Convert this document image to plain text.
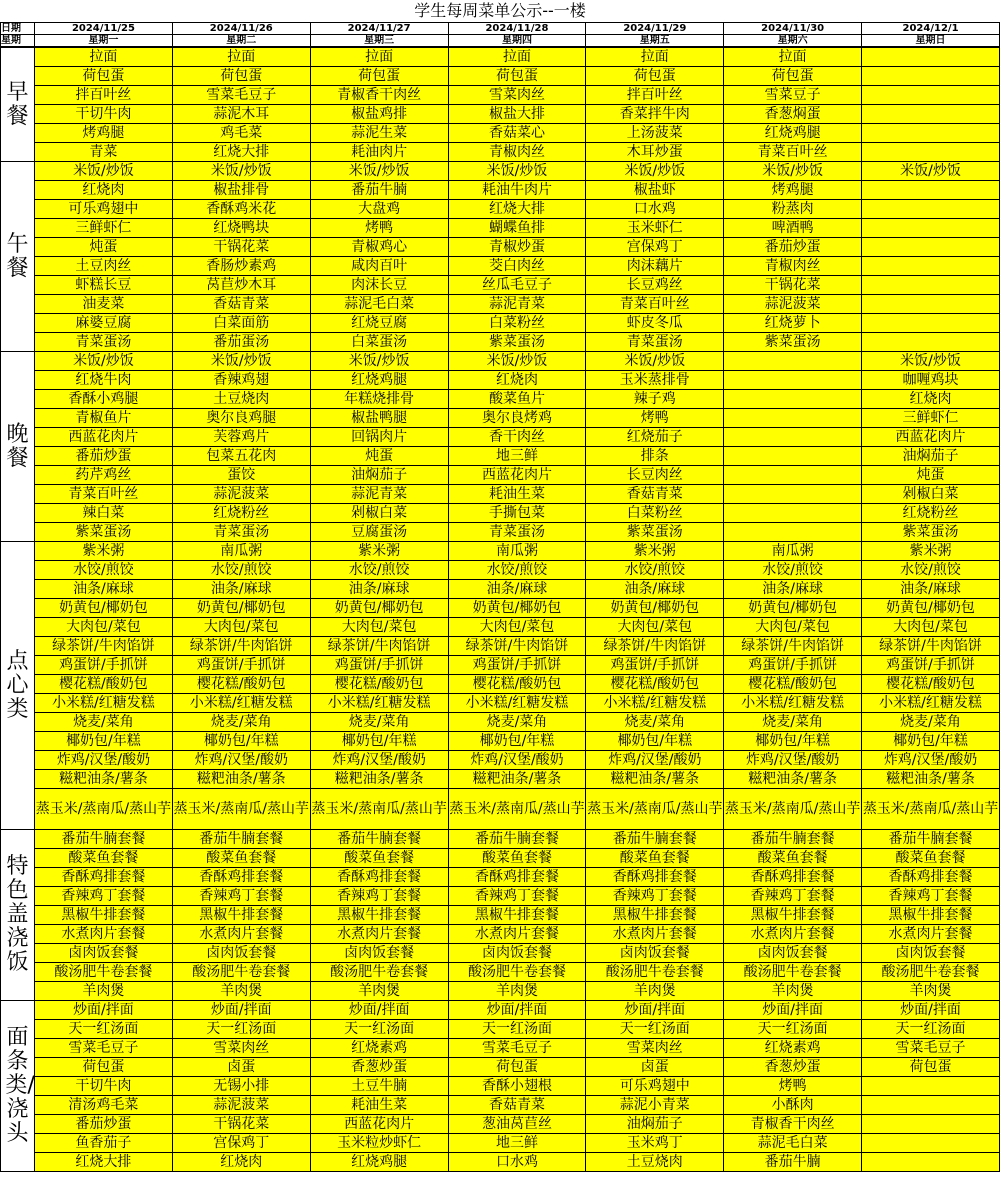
学生每周菜单公示--一楼
日期	2024/11/25	2024/11/26	2024/11/27	2024/11/28	2024/11/29	2024/11/30	2024/12/1
星期	星期一	星期二	星期三	星期四	星期五	星期六	星期日
早餐	拉面	拉面	拉面	拉面	拉面	拉面	
	荷包蛋	荷包蛋	荷包蛋	荷包蛋	荷包蛋	荷包蛋	
	拌百叶丝	雪菜毛豆子	青椒香干肉丝	雪菜肉丝	拌百叶丝	雪菜豆子	
	干切牛肉	蒜泥木耳	椒盐鸡排	椒盐大排	香菜拌牛肉	香葱焖蛋	
	烤鸡腿	鸡毛菜	蒜泥生菜	香菇菜心	上汤菠菜	红烧鸡腿	
	青菜	红烧大排	耗油肉片	青椒肉丝	木耳炒蛋	青菜百叶丝	
午餐	米饭/炒饭	米饭/炒饭	米饭/炒饭	米饭/炒饭	米饭/炒饭	米饭/炒饭	米饭/炒饭
	红烧肉	椒盐排骨	番茄牛腩	耗油牛肉片	椒盐虾	烤鸡腿	
	可乐鸡翅中	香酥鸡米花	大盘鸡	红烧大排	口水鸡	粉蒸肉	
	三鲜虾仁	红烧鸭块	烤鸭	蝴蝶鱼排	玉米虾仁	啤酒鸭	
	炖蛋	干锅花菜	青椒鸡心	青椒炒蛋	宫保鸡丁	番茄炒蛋	
	土豆肉丝	香肠炒素鸡	咸肉百叶	茭白肉丝	肉沫藕片	青椒肉丝	
	虾糕长豆	莴苣炒木耳	肉沫长豆	丝瓜毛豆子	长豆鸡丝	干锅花菜	
	油麦菜	香菇青菜	蒜泥毛白菜	蒜泥青菜	青菜百叶丝	蒜泥菠菜	
	麻婆豆腐	白菜面筋	红烧豆腐	白菜粉丝	虾皮冬瓜	红烧萝卜	
	青菜蛋汤	番茄蛋汤	白菜蛋汤	紫菜蛋汤	青菜蛋汤	紫菜蛋汤	
晚餐	米饭/炒饭	米饭/炒饭	米饭/炒饭	米饭/炒饭	米饭/炒饭		米饭/炒饭
	红烧牛肉	香辣鸡翅	红烧鸡腿	红烧肉	玉米蒸排骨		咖喱鸡块
	香酥小鸡腿	土豆烧肉	年糕烧排骨	酸菜鱼片	辣子鸡		红烧肉
	青椒鱼片	奥尔良鸡腿	椒盐鸭腿	奥尔良烤鸡	烤鸭		三鲜虾仁
	西蓝花肉片	芙蓉鸡片	回锅肉片	香干肉丝	红烧茄子		西蓝花肉片
	番茄炒蛋	包菜五花肉	炖蛋	地三鲜	排条		油焖茄子
	药芹鸡丝	蛋饺	油焖茄子	西蓝花肉片	长豆肉丝		炖蛋
	青菜百叶丝	蒜泥菠菜	蒜泥青菜	耗油生菜	香菇青菜		剁椒白菜
	辣白菜	红烧粉丝	剁椒白菜	手撕包菜	白菜粉丝		红烧粉丝
	紫菜蛋汤	青菜蛋汤	豆腐蛋汤	青菜蛋汤	紫菜蛋汤		紫菜蛋汤
点心类	紫米粥	南瓜粥	紫米粥	南瓜粥	紫米粥	南瓜粥	紫米粥
	水饺/煎饺	水饺/煎饺	水饺/煎饺	水饺/煎饺	水饺/煎饺	水饺/煎饺	水饺/煎饺
	油条/麻球	油条/麻球	油条/麻球	油条/麻球	油条/麻球	油条/麻球	油条/麻球
	奶黄包/椰奶包	奶黄包/椰奶包	奶黄包/椰奶包	奶黄包/椰奶包	奶黄包/椰奶包	奶黄包/椰奶包	奶黄包/椰奶包
	大肉包/菜包	大肉包/菜包	大肉包/菜包	大肉包/菜包	大肉包/菜包	大肉包/菜包	大肉包/菜包
	绿茶饼/牛肉馅饼	绿茶饼/牛肉馅饼	绿茶饼/牛肉馅饼	绿茶饼/牛肉馅饼	绿茶饼/牛肉馅饼	绿茶饼/牛肉馅饼	绿茶饼/牛肉馅饼
	鸡蛋饼/手抓饼	鸡蛋饼/手抓饼	鸡蛋饼/手抓饼	鸡蛋饼/手抓饼	鸡蛋饼/手抓饼	鸡蛋饼/手抓饼	鸡蛋饼/手抓饼
	樱花糕/酸奶包	樱花糕/酸奶包	樱花糕/酸奶包	樱花糕/酸奶包	樱花糕/酸奶包	樱花糕/酸奶包	樱花糕/酸奶包
	小米糕/红糖发糕	小米糕/红糖发糕	小米糕/红糖发糕	小米糕/红糖发糕	小米糕/红糖发糕	小米糕/红糖发糕	小米糕/红糖发糕
	烧麦/菜角	烧麦/菜角	烧麦/菜角	烧麦/菜角	烧麦/菜角	烧麦/菜角	烧麦/菜角
	椰奶包/年糕	椰奶包/年糕	椰奶包/年糕	椰奶包/年糕	椰奶包/年糕	椰奶包/年糕	椰奶包/年糕
	炸鸡/汉堡/酸奶	炸鸡/汉堡/酸奶	炸鸡/汉堡/酸奶	炸鸡/汉堡/酸奶	炸鸡/汉堡/酸奶	炸鸡/汉堡/酸奶	炸鸡/汉堡/酸奶
	糍粑油条/薯条	糍粑油条/薯条	糍粑油条/薯条	糍粑油条/薯条	糍粑油条/薯条	糍粑油条/薯条	糍粑油条/薯条
	蒸玉米/蒸南瓜/蒸山芋	蒸玉米/蒸南瓜/蒸山芋	蒸玉米/蒸南瓜/蒸山芋	蒸玉米/蒸南瓜/蒸山芋	蒸玉米/蒸南瓜/蒸山芋	蒸玉米/蒸南瓜/蒸山芋	蒸玉米/蒸南瓜/蒸山芋
特色盖浇饭	番茄牛腩套餐	番茄牛腩套餐	番茄牛腩套餐	番茄牛腩套餐	番茄牛腩套餐	番茄牛腩套餐	番茄牛腩套餐
	酸菜鱼套餐	酸菜鱼套餐	酸菜鱼套餐	酸菜鱼套餐	酸菜鱼套餐	酸菜鱼套餐	酸菜鱼套餐
	香酥鸡排套餐	香酥鸡排套餐	香酥鸡排套餐	香酥鸡排套餐	香酥鸡排套餐	香酥鸡排套餐	香酥鸡排套餐
	香辣鸡丁套餐	香辣鸡丁套餐	香辣鸡丁套餐	香辣鸡丁套餐	香辣鸡丁套餐	香辣鸡丁套餐	香辣鸡丁套餐
	黑椒牛排套餐	黑椒牛排套餐	黑椒牛排套餐	黑椒牛排套餐	黑椒牛排套餐	黑椒牛排套餐	黑椒牛排套餐
	水煮肉片套餐	水煮肉片套餐	水煮肉片套餐	水煮肉片套餐	水煮肉片套餐	水煮肉片套餐	水煮肉片套餐
	卤肉饭套餐	卤肉饭套餐	卤肉饭套餐	卤肉饭套餐	卤肉饭套餐	卤肉饭套餐	卤肉饭套餐
	酸汤肥牛卷套餐	酸汤肥牛卷套餐	酸汤肥牛卷套餐	酸汤肥牛卷套餐	酸汤肥牛卷套餐	酸汤肥牛卷套餐	酸汤肥牛卷套餐
	羊肉煲	羊肉煲	羊肉煲	羊肉煲	羊肉煲	羊肉煲	羊肉煲
面条类/浇头	炒面/拌面	炒面/拌面	炒面/拌面	炒面/拌面	炒面/拌面	炒面/拌面	炒面/拌面
	天一红汤面	天一红汤面	天一红汤面	天一红汤面	天一红汤面	天一红汤面	天一红汤面
	雪菜毛豆子	雪菜肉丝	红烧素鸡	雪菜毛豆子	雪菜肉丝	红烧素鸡	雪菜毛豆子
	荷包蛋	卤蛋	香葱炒蛋	荷包蛋	卤蛋	香葱炒蛋	荷包蛋
	干切牛肉	无锡小排	土豆牛腩	香酥小翅根	可乐鸡翅中	烤鸭	
	清汤鸡毛菜	蒜泥菠菜	耗油生菜	香菇青菜	蒜泥小青菜	小酥肉	
	番茄炒蛋	干锅花菜	西蓝花肉片	葱油莴苣丝	油焖茄子	青椒香干肉丝	
	鱼香茄子	宫保鸡丁	玉米粒炒虾仁	地三鲜	玉米鸡丁	蒜泥毛白菜	
	红烧大排	红烧肉	红烧鸡腿	口水鸡	土豆烧肉	番茄牛腩	
